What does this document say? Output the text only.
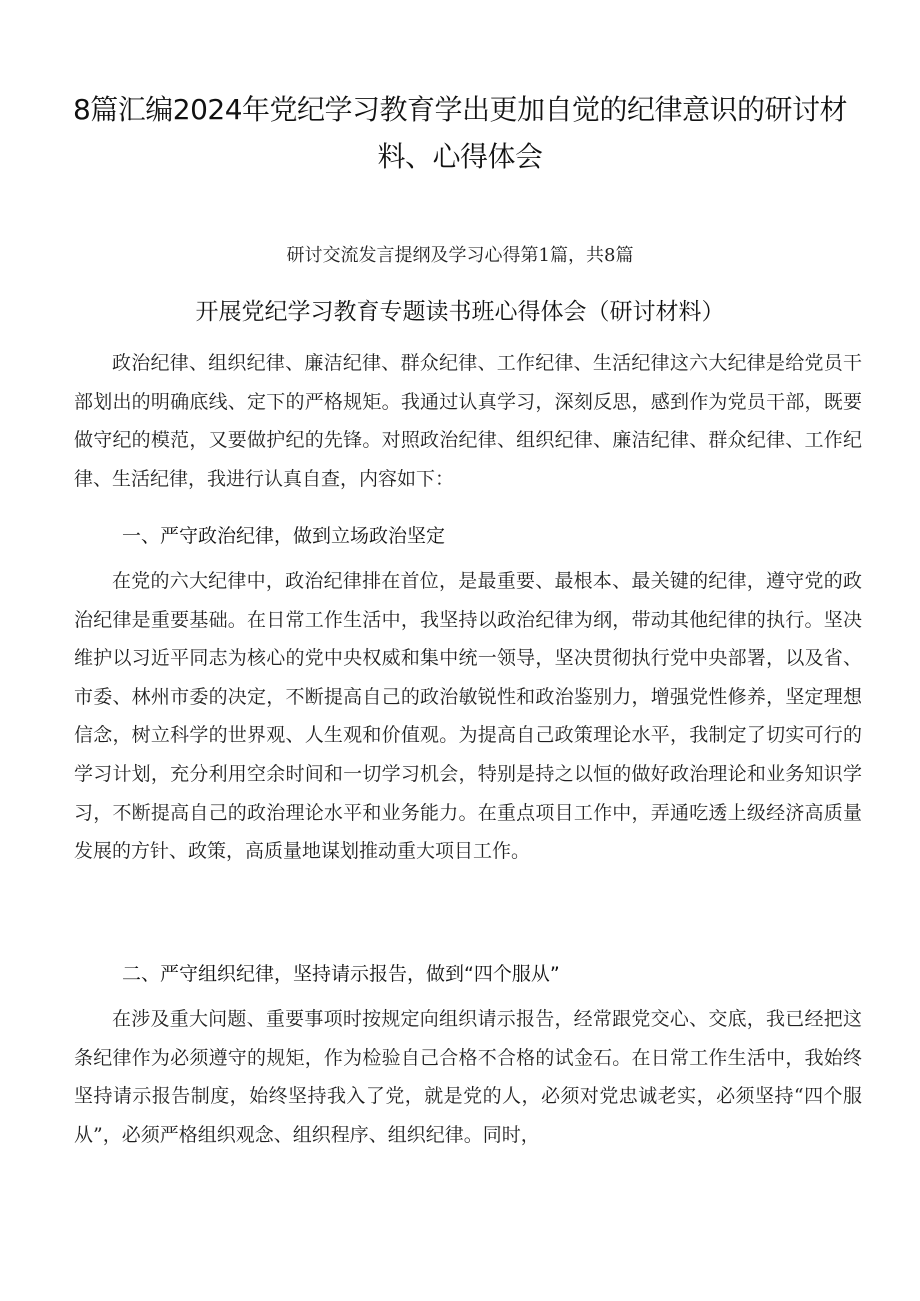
8篇汇编2024年党纪学习教育学出更加自觉的纪律意识的研讨材料、心得体会
研讨交流发言提纲及学习心得第1篇，共8篇
开展党纪学习教育专题读书班心得体会（研讨材料）

政治纪律、组织纪律、廉洁纪律、群众纪律、工作纪律、生活纪律这六大纪律是给党员干部划出的明确底线、定下的严格规矩。我通过认真学习，深刻反思，感到作为党员干部，既要做守纪的模范，又要做护纪的先锋。对照政治纪律、组织纪律、廉洁纪律、群众纪律、工作纪律、生活纪律，我进行认真自查，内容如下：

一、严守政治纪律，做到立场政治坚定

在党的六大纪律中，政治纪律排在首位，是最重要、最根本、最关键的纪律，遵守党的政治纪律是重要基础。在日常工作生活中，我坚持以政治纪律为纲，带动其他纪律的执行。坚决维护以习近平同志为核心的党中央权威和集中统一领导，坚决贯彻执行党中央部署，以及省、市委、林州市委的决定，不断提高自己的政治敏锐性和政治鉴别力，增强党性修养，坚定理想信念，树立科学的世界观、人生观和价值观。为提高自己政策理论水平，我制定了切实可行的学习计划，充分利用空余时间和一切学习机会，特别是持之以恒的做好政治理论和业务知识学习，不断提高自己的政治理论水平和业务能力。在重点项目工作中，弄通吃透上级经济高质量发展的方针、政策，高质量地谋划推动重大项目工作。

二、严守组织纪律，坚持请示报告，做到“四个服从”

在涉及重大问题、重要事项时按规定向组织请示报告，经常跟党交心、交底，我已经把这条纪律作为必须遵守的规矩，作为检验自己合格不合格的试金石。在日常工作生活中，我始终坚持请示报告制度，始终坚持我入了党，就是党的人，必须对党忠诚老实，必须坚持“四个服从”，必须严格组织观念、组织程序、组织纪律。同时，
